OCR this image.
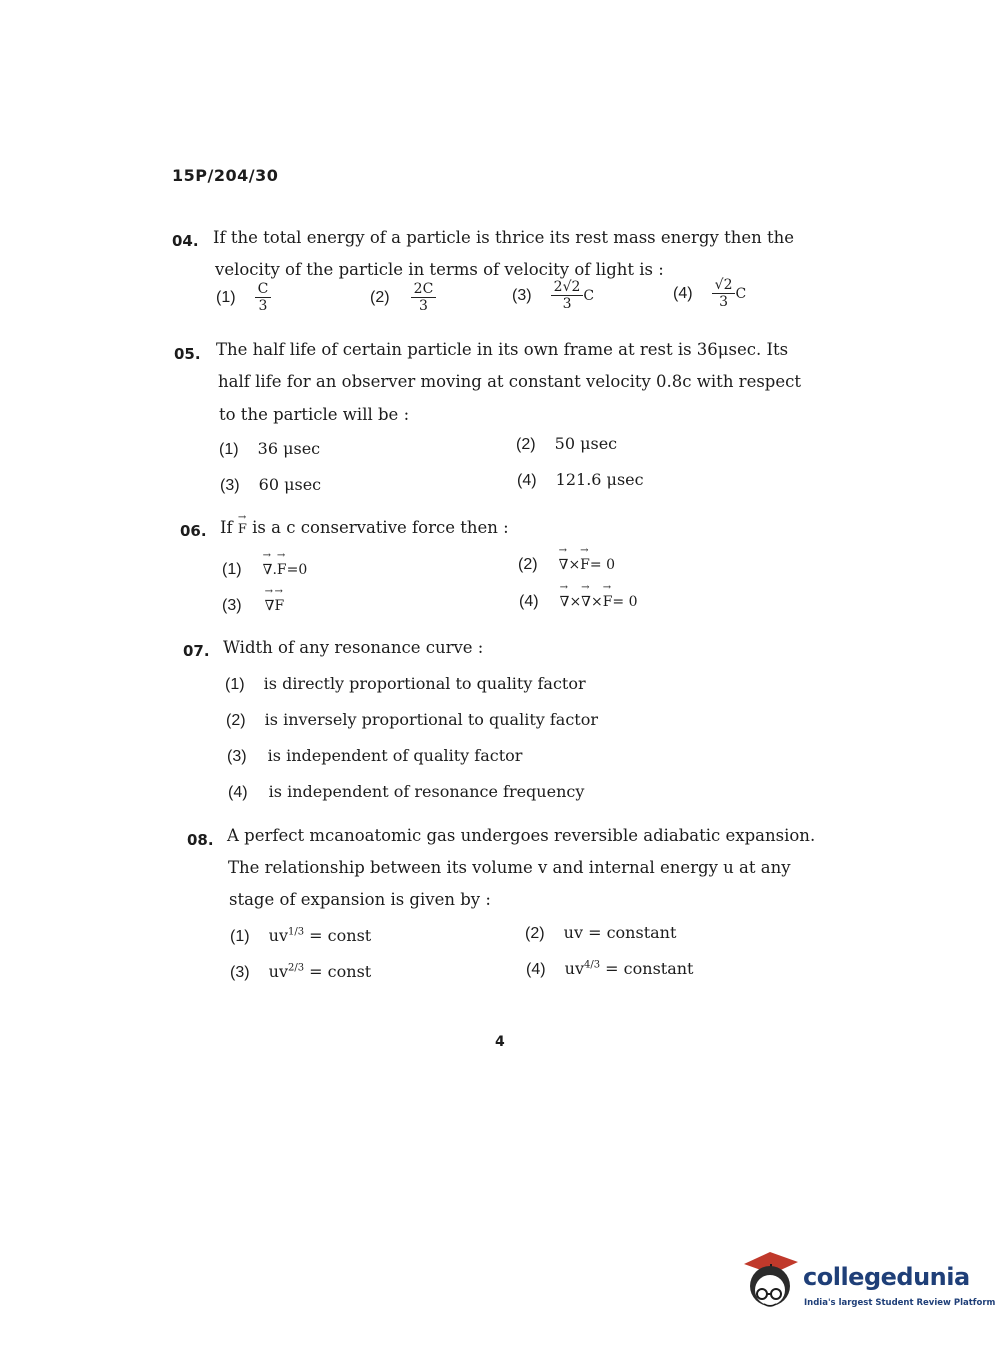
15P/204/30
04. If the total energy of a particle is thrice its rest mass energy then the
velocity of the particle in terms of velocity of light is :
$(1) \frac{C}{3}$	$(2) \frac{2C}{3}$	$(3) \frac{2√2}{3}$ C	$(4) \frac{√2}{3}$ C
05. The half life of certain particle in its own frame at rest is 36μsec. Its
half life for an observer moving at constant velocity 0.8c with respect
to the particle will be :
(1) 36 μsec	(2) 50 μsec
(3) 60 μsec	(4) 121.6 μsec
06. If → F is a c conservative force then :
(1) → ∇.→ F=0	(2) → ∇×→ F= 0
(3) → ∇→ F	(4) → ∇×→ ∇×→ F= 0
07. Width of any resonance curve :
(1) is directly proportional to quality factor
(2) is inversely proportional to quality factor
(3) is independent of quality factor
(4) is independent of resonance frequency
08. A perfect mcanoatomic gas undergoes reversible adiabatic expansion.
The relationship between its volume v and internal energy u at any
stage of expansion is given by :
(1) $uv^{1/3}$ = const	(2) uv = constant
(3) $uv^{2/3}$ = const	(4) $uv^{4/3}$ = constant
4
collegedunia
India's largest Student Review Platform
